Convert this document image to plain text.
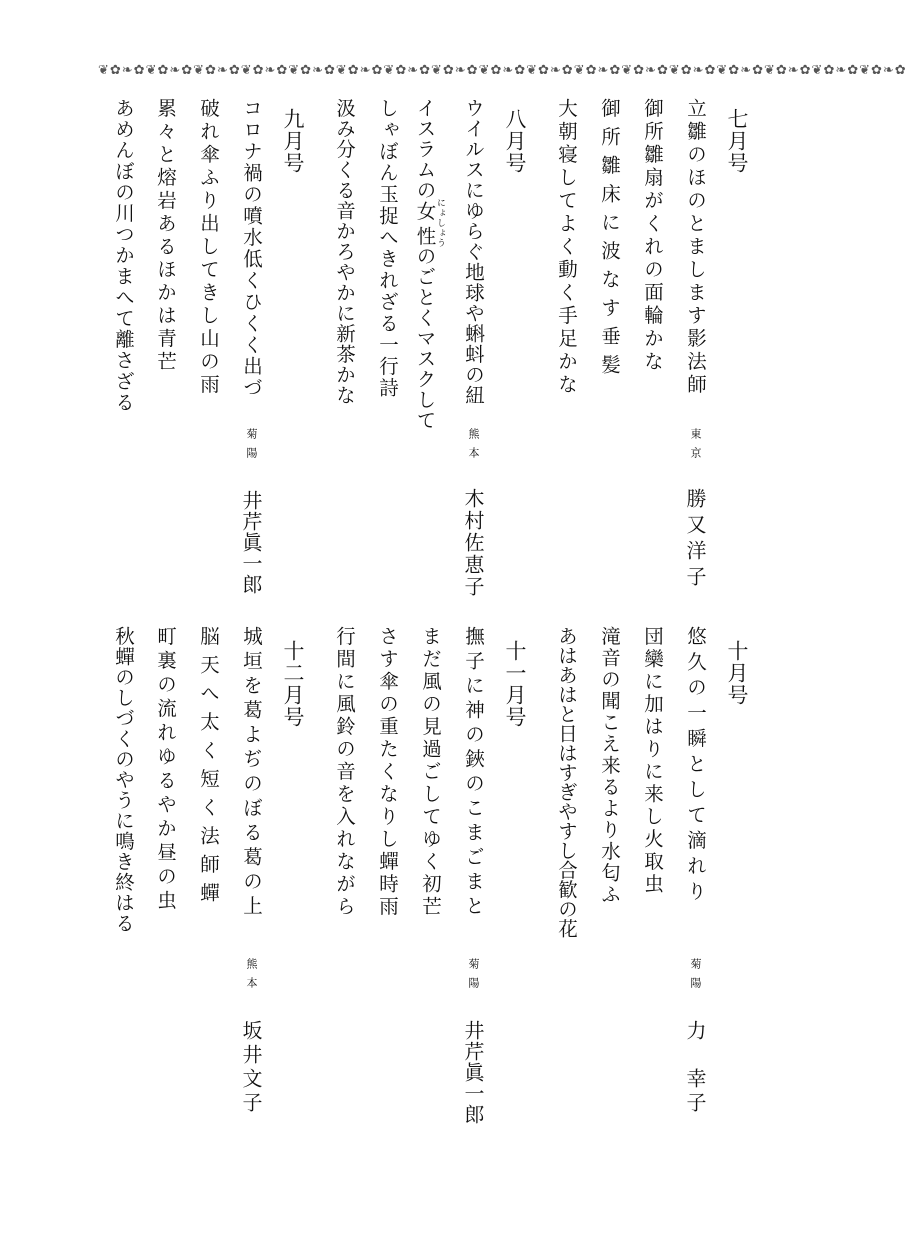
❦✿❧✿❦✿❧✿❦✿❧✿❦✿❧✿❦✿❧✿❦✿❧✿❦✿❧✿❦✿❧✿❦✿❧✿❦✿❧✿❦✿❧✿❦✿❧✿❦✿❧✿❦✿❧✿❦✿❧✿❦✿❧✿❦✿❧✿
七月号
立雛のほのとまします影法師
御所雛扇がくれの面輪かな
御所雛床に波なす垂髪
大朝寝してよく動く手足かな
東京
勝又洋子
八月号
ウイルスにゆらぐ地球や蝌蚪の紐
イスラムの女性にょしょうのごとくマスクして
しゃぼん玉捉へきれざる一行詩
汲み分くる音かろやかに新茶かな
熊本
木村佐恵子
九月号
コロナ禍の噴水低くひくく出づ
破れ傘ふり出してきし山の雨
累々と熔岩あるほかは青芒
あめんぼの川つかまへて離さざる
菊陽
井芹眞一郎
十月号
悠久の一瞬として滴れり
団欒に加はりに来し火取虫
滝音の聞こえ来るより水匂ふ
あはあはと日はすぎやすし合歓の花
菊陽
力　幸子
十一月号
撫子に神の鋏のこまごまと
まだ風の見過ごしてゆく初芒
さす傘の重たくなりし蟬時雨
行間に風鈴の音を入れながら
菊陽
井芹眞一郎
十二月号
城垣を葛よぢのぼる葛の上
脳天へ太く短く法師蟬
町裏の流れゆるやか昼の虫
秋蟬のしづくのやうに鳴き終はる
熊本
坂井文子
